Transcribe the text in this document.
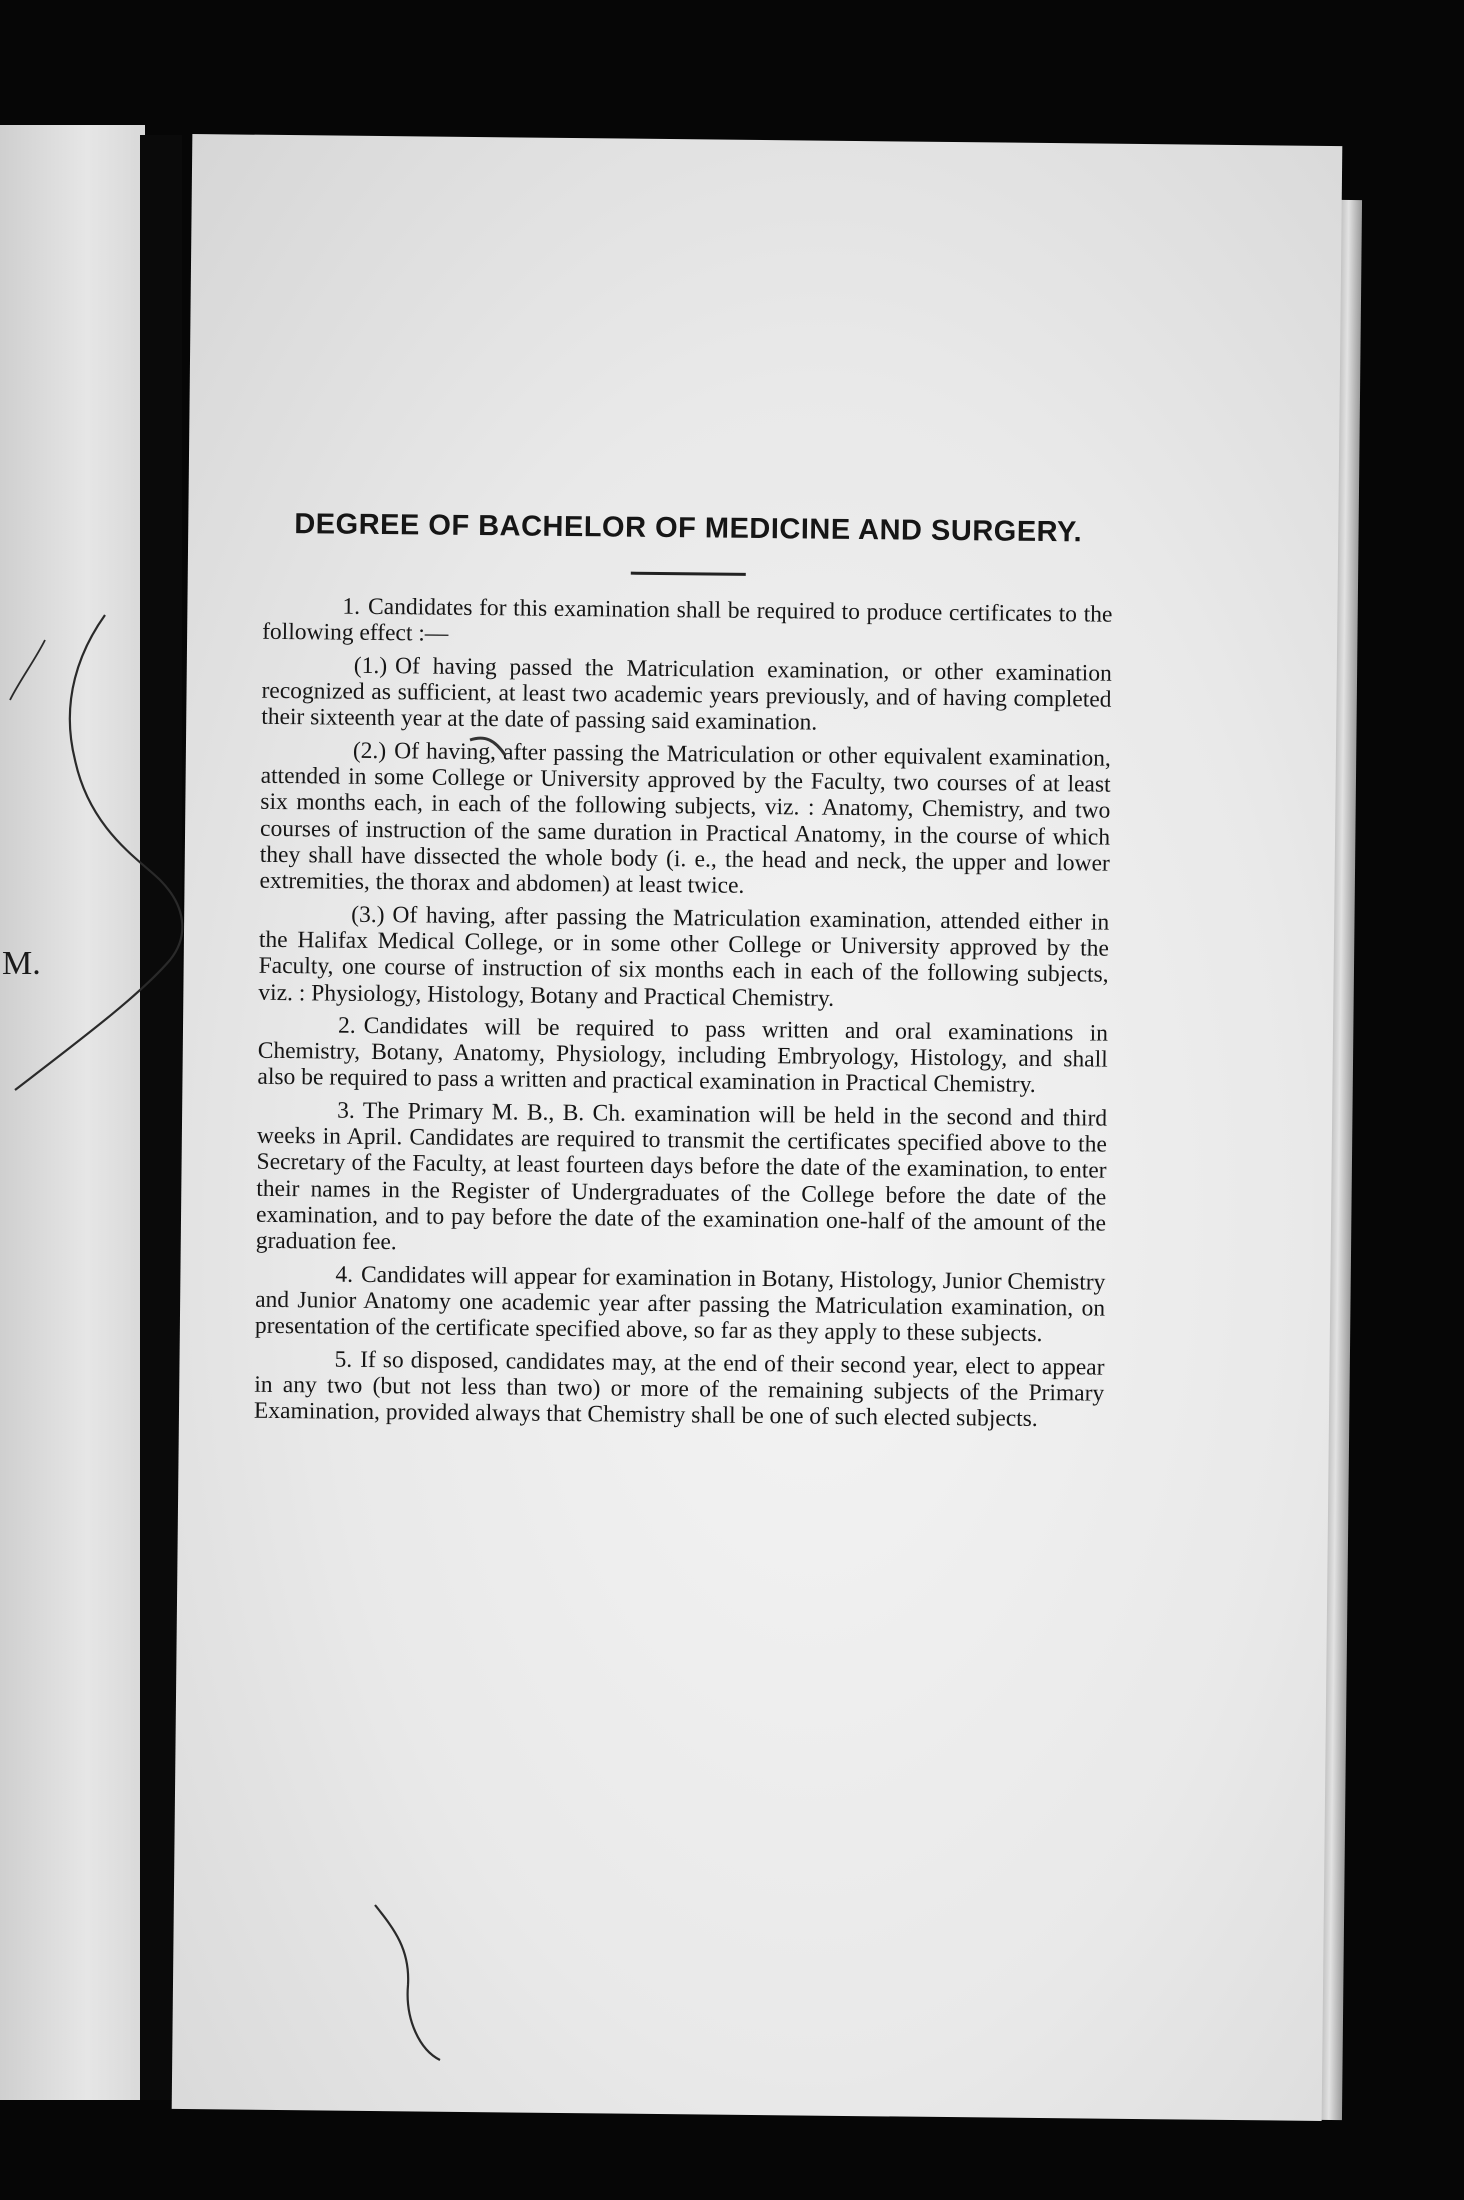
M.
DEGREE OF BACHELOR OF MEDICINE AND SURGERY.

1. Candidates for this examination shall be required to produce certificates to the following effect :—

(1.) Of having passed the Matriculation examination, or other examination recognized as sufficient, at least two academic years previously, and of having completed their sixteenth year at the date of passing said examination.

(2.) Of having, after passing the Matriculation or other equivalent examination, attended in some College or University approved by the Faculty, two courses of at least six months each, in each of the following subjects, viz. : Anatomy, Chemistry, and two courses of instruction of the same duration in Practical Anatomy, in the course of which they shall have dissected the whole body (i. e., the head and neck, the upper and lower extremities, the thorax and abdomen) at least twice.

(3.) Of having, after passing the Matriculation examination, attended either in the Halifax Medical College, or in some other College or University approved by the Faculty, one course of instruction of six months each in each of the following subjects, viz. : Physiology, Histology, Botany and Practical Chemistry.

2. Candidates will be required to pass written and oral examinations in Chemistry, Botany, Anatomy, Physiology, including Embryology, Histology, and shall also be required to pass a written and practical examination in Practical Chemistry.

3. The Primary M. B., B. Ch. examination will be held in the second and third weeks in April. Candidates are required to transmit the certificates specified above to the Secretary of the Faculty, at least fourteen days before the date of the examination, to enter their names in the Register of Undergraduates of the College before the date of the examination, and to pay before the date of the examination one-half of the amount of the graduation fee.

4. Candidates will appear for examination in Botany, Histology, Junior Chemistry and Junior Anatomy one academic year after passing the Matriculation examination, on presentation of the certificate specified above, so far as they apply to these subjects.

5. If so disposed, candidates may, at the end of their second year, elect to appear in any two (but not less than two) or more of the remaining subjects of the Primary Examination, provided always that Chemistry shall be one of such elected subjects.
